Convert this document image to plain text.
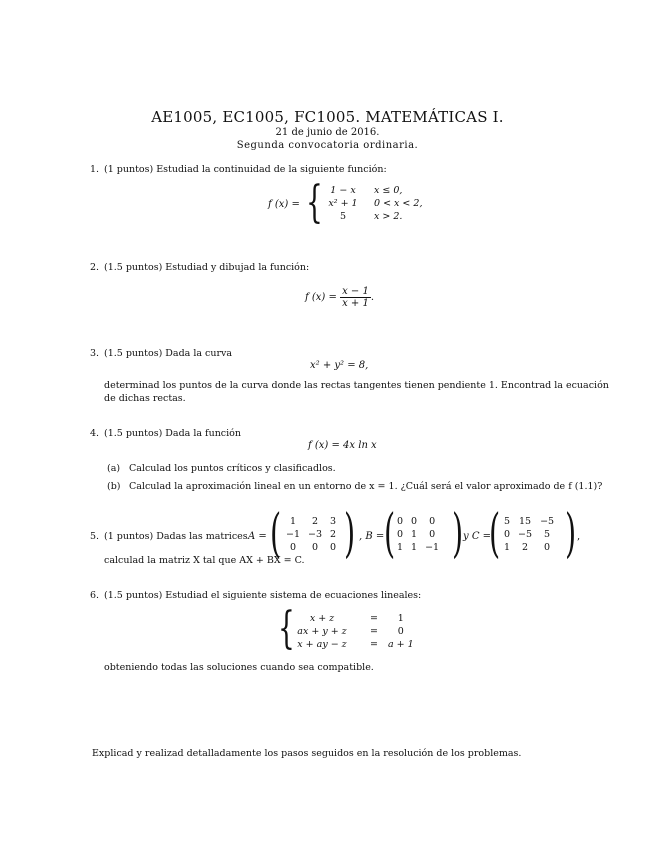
AE1005, EC1005, FC1005. MATEMÁTICAS I.
21 de junio de 2016.
Segunda convocatoria ordinaria.
1. (1 puntos) Estudiad la continuidad de la siguiente función:
f (x) = { 1 − x	x ≤ 0,
x² + 1	0 < x < 2,
5	x > 2.
2. (1.5 puntos) Estudiad y dibujad la función:
f $(x) = \frac{x - 1}{x + 1}$ .
3. (1.5 puntos) Dada la curva
x² + y² = 8,
determinad los puntos de la curva donde las rectas tangentes tienen pendiente 1. Encontrad la ecuación
de dichas rectas.
4. (1.5 puntos) Dada la función
f (x) = 4x ln x
(a) Calculad los puntos críticos y clasificadlos.
(b) Calculad la aproximación lineal en un entorno de x = 1. ¿Cuál será el valor aproximado de f (1.1)?
5. (1 puntos) Dadas las matrices A = ( 1	2	3
−1	−3	2
0	0	0 ) , B = ( 0	0	0
0	1	0
1	1	−1 ) y C =
( 5	15	−5
0	−5	5
1	2	0 ) ,
calculad la matriz X tal que AX + BX = C.
6. (1.5 puntos) Estudiad el siguiente sistema de ecuaciones lineales:
{ x + z	=	1
ax + y + z	=	0
x + ay − z	=	a + 1
obteniendo todas las soluciones cuando sea compatible.
Explicad y realizad detalladamente los pasos seguidos en la resolución de los problemas.
